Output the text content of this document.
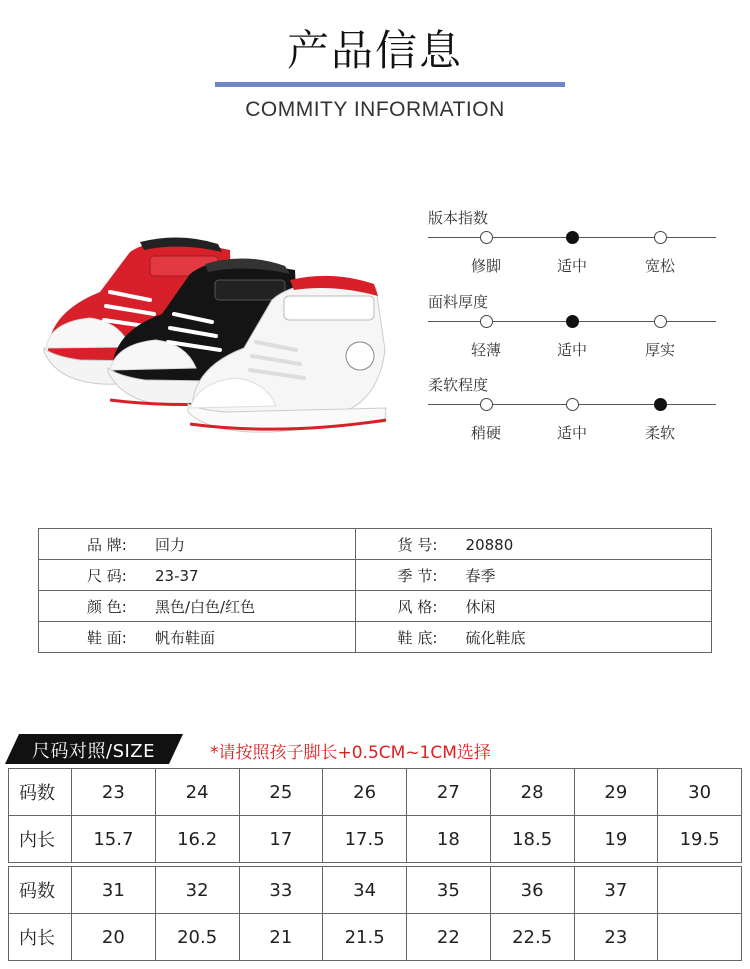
产品信息
COMMITY INFORMATION
版本指数
修脚	适中	宽松
面料厚度
轻薄	适中	厚实
柔软程度
稍硬	适中	柔软
品 牌: 回力	货 号: 20880
尺 码: 23-37	季 节: 春季
颜 色: 黑色/白色/红色	风 格: 休闲
鞋 面: 帆布鞋面	鞋 底: 硫化鞋底
尺码对照/SIZE	*请按照孩子脚长+0.5CM~1CM选择
码数	23	24	25	26	27	28	29	30
内长	15.7	16.2	17	17.5	18	18.5	19	19.5
码数	31	32	33	34	35	36	37	
内长	20	20.5	21	21.5	22	22.5	23	
